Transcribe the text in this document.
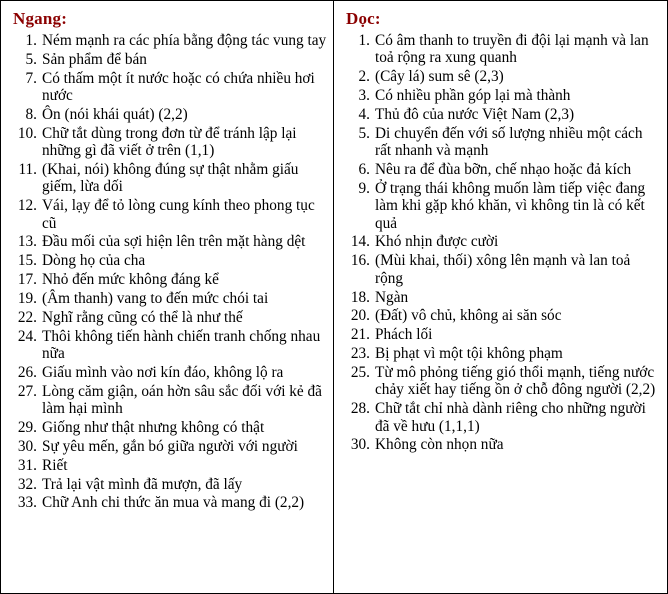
Ngang:
1. Ném mạnh ra các phía bằng động tác vung tay
5. Sản phẩm để bán
7. Có thấm một ít nước hoặc có chứa nhiều hơi nước
8. Ôn (nói khái quát) (2,2)
10. Chữ tắt dùng trong đơn từ để tránh lập lại những gì đã viết ở trên (1,1)
11. (Khai, nói) không đúng sự thật nhằm giấu giếm, lừa dối
12. Vái, lạy để tỏ lòng cung kính theo phong tục cũ
13. Đầu mối của sợi hiện lên trên mặt hàng dệt
15. Dòng họ của cha
17. Nhỏ đến mức không đáng kể
19. (Âm thanh) vang to đến mức chói tai
22. Nghĩ rằng cũng có thể là như thế
24. Thôi không tiến hành chiến tranh chống nhau nữa
26. Giấu mình vào nơi kín đáo, không lộ ra
27. Lòng căm giận, oán hờn sâu sắc đối với kẻ đã làm hại mình
29. Giống như thật nhưng không có thật
30. Sự yêu mến, gắn bó giữa người với người
31. Riết
32. Trả lại vật mình đã mượn, đã lấy
33. Chữ Anh chi thức ăn mua và mang đi (2,2)
Dọc:
1. Có âm thanh to truyền đi đội lại mạnh và lan toả rộng ra xung quanh
2. (Cây lá) sum sê (2,3)
3. Có nhiều phần góp lại mà thành
4. Thủ đô của nước Việt Nam (2,3)
5. Di chuyển đến với số lượng nhiều một cách rất nhanh và mạnh
6. Nêu ra để đùa bỡn, chế nhạo hoặc đả kích
9. Ở trạng thái không muốn làm tiếp việc đang làm khi gặp khó khăn, vì không tin là có kết quả
14. Khó nhịn được cười
16. (Mùi khai, thối) xông lên mạnh và lan toả rộng
18. Ngàn
20. (Đất) vô chủ, không ai săn sóc
21. Phách lối
23. Bị phạt vì một tội không phạm
25. Từ mô phỏng tiếng gió thổi mạnh, tiếng nước chảy xiết hay tiếng ồn ở chỗ đông người (2,2)
28. Chữ tắt chỉ nhà dành riêng cho những người đã về hưu (1,1,1)
30. Không còn nhọn nữa
